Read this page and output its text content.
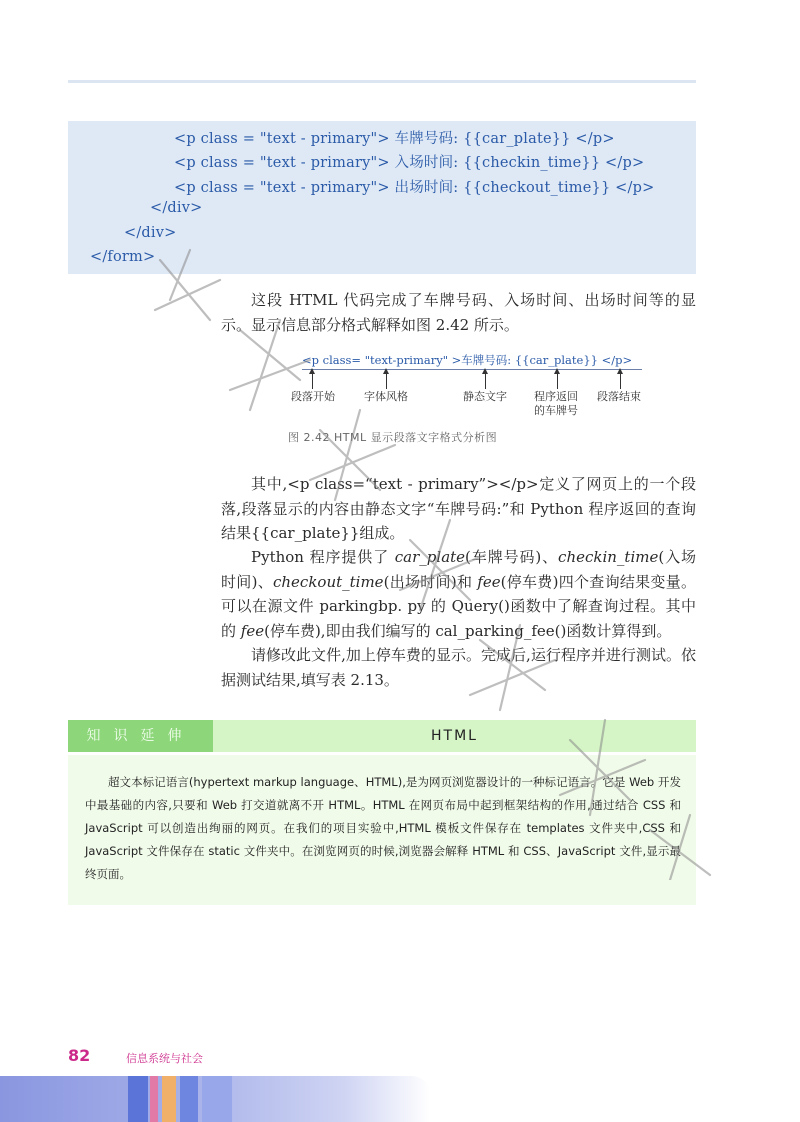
<p class = "text - primary"> 车牌号码: {{car_plate}} </p>
<p class = "text - primary"> 入场时间: {{checkin_time}} </p>
<p class = "text - primary"> 出场时间: {{checkout_time}} </p>
</div>
</div>
</form>
这段 HTML 代码完成了车牌号码、入场时间、出场时间等的显示。显示信息部分格式解释如图 2.42 所示。
<p class= "text-primary" >车牌号码: {{car_plate}} </p>
段落开始	字体风格	静态文字	程序返回的车牌号
段落结束
图 2.42 HTML 显示段落文字格式分析图
其中,<p class=“text - primary”></p>定义了网页上的一个段落,段落显示的内容由静态文字“车牌号码:”和 Python 程序返回的查询结果{{car_plate}}组成。
Python 程序提供了 car_plate(车牌号码)、checkin_time(入场时间)、checkout_time(出场时间)和 fee(停车费)四个查询结果变量。可以在源文件 parkingbp. py 的 Query()函数中了解查询过程。其中的 fee(停车费),即由我们编写的 cal_parking_fee()函数计算得到。
请修改此文件,加上停车费的显示。完成后,运行程序并进行测试。依据测试结果,填写表 2.13。
知识延伸	HTML
超文本标记语言(hypertext markup language、HTML),是为网页浏览器设计的一种标记语言。它是 Web 开发中最基础的内容,只要和 Web 打交道就离不开 HTML。HTML 在网页布局中起到框架结构的作用,通过结合 CSS 和 JavaScript 可以创造出绚丽的网页。在我们的项目实验中,HTML 模板文件保存在 templates 文件夹中,CSS 和 JavaScript 文件保存在 static 文件夹中。在浏览网页的时候,浏览器会解释 HTML 和 CSS、JavaScript 文件,显示最终页面。
82	信息系统与社会
